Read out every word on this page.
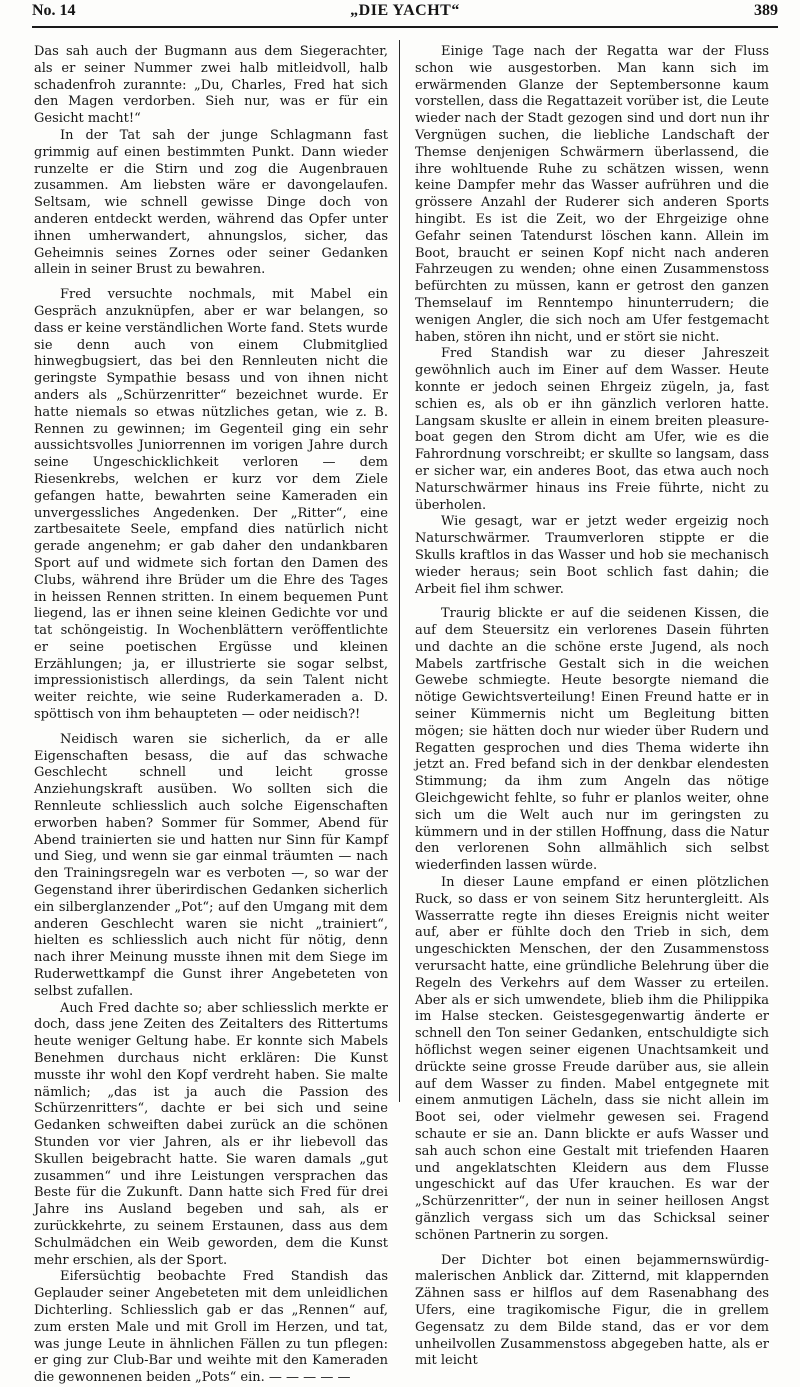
No. 14	„DIE YACHT“	389

Das sah auch der Bugmann aus dem Siegerachter, als er seiner Nummer zwei halb mitleidvoll, halb schadenfroh zurannte: „Du, Charles, Fred hat sich den Magen verdorben. Sieh nur, was er für ein Gesicht macht!“

In der Tat sah der junge Schlagmann fast grimmig auf einen bestimmten Punkt. Dann wieder runzelte er die Stirn und zog die Augenbrauen zusammen. Am liebsten wäre er davongelaufen. Seltsam, wie schnell gewisse Dinge doch von anderen entdeckt werden, während das Opfer unter ihnen umherwandert, ahnungslos, sicher, das Geheimnis seines Zornes oder seiner Gedanken allein in seiner Brust zu bewahren.

Fred versuchte nochmals, mit Mabel ein Gespräch anzuknüpfen, aber er war belangen, so dass er keine verständlichen Worte fand. Stets wurde sie denn auch von einem Clubmitglied hinwegbugsiert, das bei den Rennleuten nicht die geringste Sympathie besass und von ihnen nicht anders als „Schürzenritter“ bezeichnet wurde. Er hatte niemals so etwas nützliches getan, wie z. B. Rennen zu gewinnen; im Gegenteil ging ein sehr aussichtsvolles Juniorrennen im vorigen Jahre durch seine Ungeschicklichkeit verloren — dem Riesenkrebs, welchen er kurz vor dem Ziele gefangen hatte, bewahrten seine Kameraden ein unvergessliches Angedenken. Der „Ritter“, eine zartbesaitete Seele, empfand dies natürlich nicht gerade angenehm; er gab daher den undankbaren Sport auf und widmete sich fortan den Damen des Clubs, während ihre Brüder um die Ehre des Tages in heissen Rennen stritten. In einem bequemen Punt liegend, las er ihnen seine kleinen Gedichte vor und tat schöngeistig. In Wochenblättern veröffentlichte er seine poetischen Ergüsse und kleinen Erzählungen; ja, er illustrierte sie sogar selbst, impressionistisch allerdings, da sein Talent nicht weiter reichte, wie seine Ruderkameraden a. D. spöttisch von ihm behaupteten — oder neidisch?!

Neidisch waren sie sicherlich, da er alle Eigenschaften besass, die auf das schwache Geschlecht schnell und leicht grosse Anziehungskraft ausüben. Wo sollten sich die Rennleute schliesslich auch solche Eigenschaften erworben haben? Sommer für Sommer, Abend für Abend trainierten sie und hatten nur Sinn für Kampf und Sieg, und wenn sie gar einmal träumten — nach den Trainingsregeln war es verboten —, so war der Gegenstand ihrer überirdischen Gedanken sicherlich ein silberglanzender „Pot“; auf den Umgang mit dem anderen Geschlecht waren sie nicht „trainiert“, hielten es schliesslich auch nicht für nötig, denn nach ihrer Meinung musste ihnen mit dem Siege im Ruderwettkampf die Gunst ihrer Angebeteten von selbst zufallen.

Auch Fred dachte so; aber schliesslich merkte er doch, dass jene Zeiten des Zeitalters des Rittertums heute weniger Geltung habe. Er konnte sich Mabels Benehmen durchaus nicht erklären: Die Kunst musste ihr wohl den Kopf verdreht haben. Sie malte nämlich; „das ist ja auch die Passion des Schürzenritters“, dachte er bei sich und seine Gedanken schweiften dabei zurück an die schönen Stunden vor vier Jahren, als er ihr liebevoll das Skullen beigebracht hatte. Sie waren damals „gut zusammen“ und ihre Leistungen versprachen das Beste für die Zukunft. Dann hatte sich Fred für drei Jahre ins Ausland begeben und sah, als er zurückkehrte, zu seinem Erstaunen, dass aus dem Schulmädchen ein Weib geworden, dem die Kunst mehr erschien, als der Sport.

Eifersüchtig beobachte Fred Standish das Geplauder seiner Angebeteten mit dem unleidlichen Dichterling. Schliesslich gab er das „Rennen“ auf, zum ersten Male und mit Groll im Herzen, und tat, was junge Leute in ähnlichen Fällen zu tun pflegen: er ging zur Club-Bar und weihte mit den Kameraden die gewonnenen beiden „Pots“ ein. — — — — —

Einige Tage nach der Regatta war der Fluss schon wie ausgestorben. Man kann sich im erwärmenden Glanze der Septembersonne kaum vorstellen, dass die Regattazeit vorüber ist, die Leute wieder nach der Stadt gezogen sind und dort nun ihr Vergnügen suchen, die liebliche Landschaft der Themse denjenigen Schwärmern überlassend, die ihre wohltuende Ruhe zu schätzen wissen, wenn keine Dampfer mehr das Wasser aufrühren und die grössere Anzahl der Ruderer sich anderen Sports hingibt. Es ist die Zeit, wo der Ehrgeizige ohne Gefahr seinen Tatendurst löschen kann. Allein im Boot, braucht er seinen Kopf nicht nach anderen Fahrzeugen zu wenden; ohne einen Zusammenstoss befürchten zu müssen, kann er getrost den ganzen Themselauf im Renntempo hinunterrudern; die wenigen Angler, die sich noch am Ufer festgemacht haben, stören ihn nicht, und er stört sie nicht.

Fred Standish war zu dieser Jahreszeit gewöhnlich auch im Einer auf dem Wasser. Heute konnte er jedoch seinen Ehrgeiz zügeln, ja, fast schien es, als ob er ihn gänzlich verloren hatte. Langsam skuslte er allein in einem breiten pleasure-boat gegen den Strom dicht am Ufer, wie es die Fahrordnung vorschreibt; er skullte so langsam, dass er sicher war, ein anderes Boot, das etwa auch noch Naturschwärmer hinaus ins Freie führte, nicht zu überholen.

Wie gesagt, war er jetzt weder ergeizig noch Naturschwärmer. Traumverloren stippte er die Skulls kraftlos in das Wasser und hob sie mechanisch wieder heraus; sein Boot schlich fast dahin; die Arbeit fiel ihm schwer.

Traurig blickte er auf die seidenen Kissen, die auf dem Steuersitz ein verlorenes Dasein führten und dachte an die schöne erste Jugend, als noch Mabels zartfrische Gestalt sich in die weichen Gewebe schmiegte. Heute besorgte niemand die nötige Gewichtsverteilung! Einen Freund hatte er in seiner Kümmernis nicht um Begleitung bitten mögen; sie hätten doch nur wieder über Rudern und Regatten gesprochen und dies Thema widerte ihn jetzt an. Fred befand sich in der denkbar elendesten Stimmung; da ihm zum Angeln das nötige Gleichgewicht fehlte, so fuhr er planlos weiter, ohne sich um die Welt auch nur im geringsten zu kümmern und in der stillen Hoffnung, dass die Natur den verlorenen Sohn allmählich sich selbst wiederfinden lassen würde.

In dieser Laune empfand er einen plötzlichen Ruck, so dass er von seinem Sitz heruntergleitt. Als Wasserratte regte ihn dieses Ereignis nicht weiter auf, aber er fühlte doch den Trieb in sich, dem ungeschickten Menschen, der den Zusammenstoss verursacht hatte, eine gründliche Belehrung über die Regeln des Verkehrs auf dem Wasser zu erteilen. Aber als er sich umwendete, blieb ihm die Philippika im Halse stecken. Geistesgegenwartig änderte er schnell den Ton seiner Gedanken, entschuldigte sich höflichst wegen seiner eigenen Unachtsamkeit und drückte seine grosse Freude darüber aus, sie allein auf dem Wasser zu finden. Mabel entgegnete mit einem anmutigen Lächeln, dass sie nicht allein im Boot sei, oder vielmehr gewesen sei. Fragend schaute er sie an. Dann blickte er aufs Wasser und sah auch schon eine Gestalt mit triefenden Haaren und angeklatschten Kleidern aus dem Flusse ungeschickt auf das Ufer krauchen. Es war der „Schürzenritter“, der nun in seiner heillosen Angst gänzlich vergass sich um das Schicksal seiner schönen Partnerin zu sorgen.

Der Dichter bot einen bejammernswürdig-malerischen Anblick dar. Zitternd, mit klappernden Zähnen sass er hilflos auf dem Rasenabhang des Ufers, eine tragikomische Figur, die in grellem Gegensatz zu dem Bilde stand, das er vor dem unheilvollen Zusammenstoss abgegeben hatte, als er mit leicht
